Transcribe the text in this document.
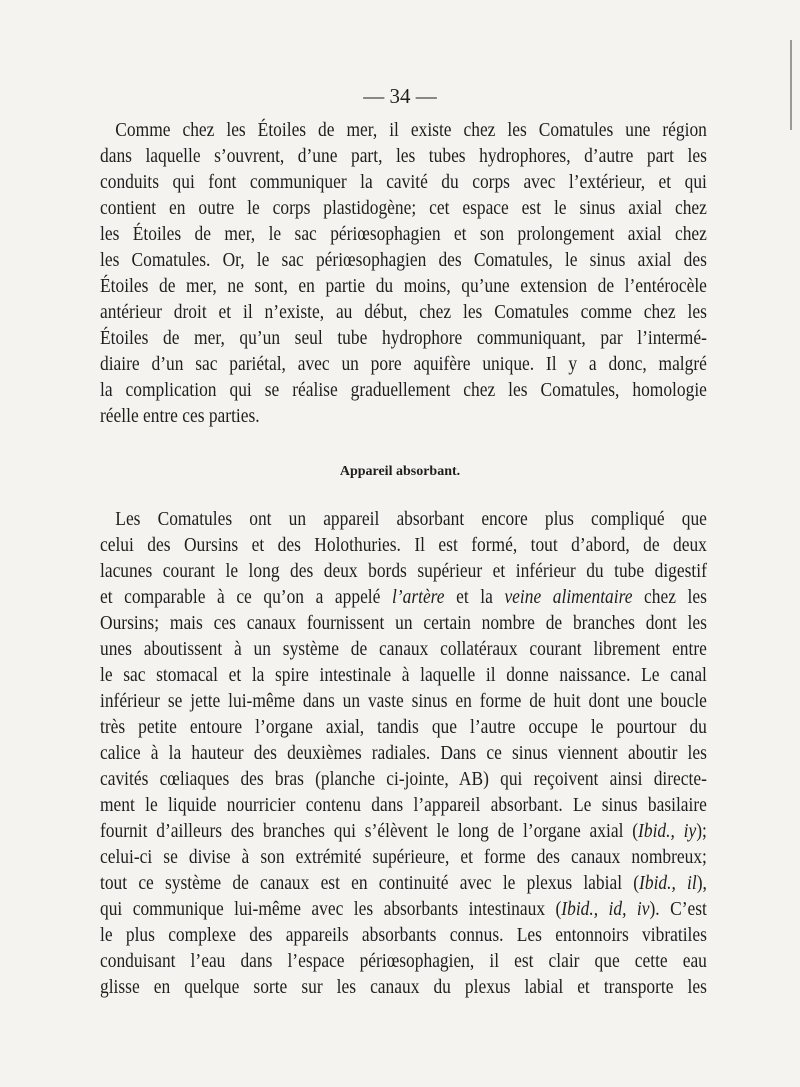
— 34 —
Comme chez les Étoiles de mer, il existe chez les Comatules une région
dans laquelle s’ouvrent, d’une part, les tubes hydrophores, d’autre part les
conduits qui font communiquer la cavité du corps avec l’extérieur, et qui
contient en outre le corps plastidogène; cet espace est le sinus axial chez
les Étoiles de mer, le sac périœsophagien et son prolongement axial chez
les Comatules. Or, le sac périœsophagien des Comatules, le sinus axial des
Étoiles de mer, ne sont, en partie du moins, qu’une extension de l’entérocèle
antérieur droit et il n’existe, au début, chez les Comatules comme chez les
Étoiles de mer, qu’un seul tube hydrophore communiquant, par l’intermé-
diaire d’un sac pariétal, avec un pore aquifère unique. Il y a donc, malgré
la complication qui se réalise graduellement chez les Comatules, homologie
réelle entre ces parties.
Appareil absorbant.
Les Comatules ont un appareil absorbant encore plus compliqué que
celui des Oursins et des Holothuries. Il est formé, tout d’abord, de deux
lacunes courant le long des deux bords supérieur et inférieur du tube digestif
et comparable à ce qu’on a appelé l’artère et la veine alimentaire chez les
Oursins; mais ces canaux fournissent un certain nombre de branches dont les
unes aboutissent à un système de canaux collatéraux courant librement entre
le sac stomacal et la spire intestinale à laquelle il donne naissance. Le canal
inférieur se jette lui-même dans un vaste sinus en forme de huit dont une boucle
très petite entoure l’organe axial, tandis que l’autre occupe le pourtour du
calice à la hauteur des deuxièmes radiales. Dans ce sinus viennent aboutir les
cavités cœliaques des bras (planche ci-jointe, AB) qui reçoivent ainsi directe-
ment le liquide nourricier contenu dans l’appareil absorbant. Le sinus basilaire
fournit d’ailleurs des branches qui s’élèvent le long de l’organe axial (Ibid., iy);
celui-ci se divise à son extrémité supérieure, et forme des canaux nombreux;
tout ce système de canaux est en continuité avec le plexus labial (Ibid., il),
qui communique lui-même avec les absorbants intestinaux (Ibid., id, iv). C’est
le plus complexe des appareils absorbants connus. Les entonnoirs vibratiles
conduisant l’eau dans l’espace périœsophagien, il est clair que cette eau
glisse en quelque sorte sur les canaux du plexus labial et transporte les
